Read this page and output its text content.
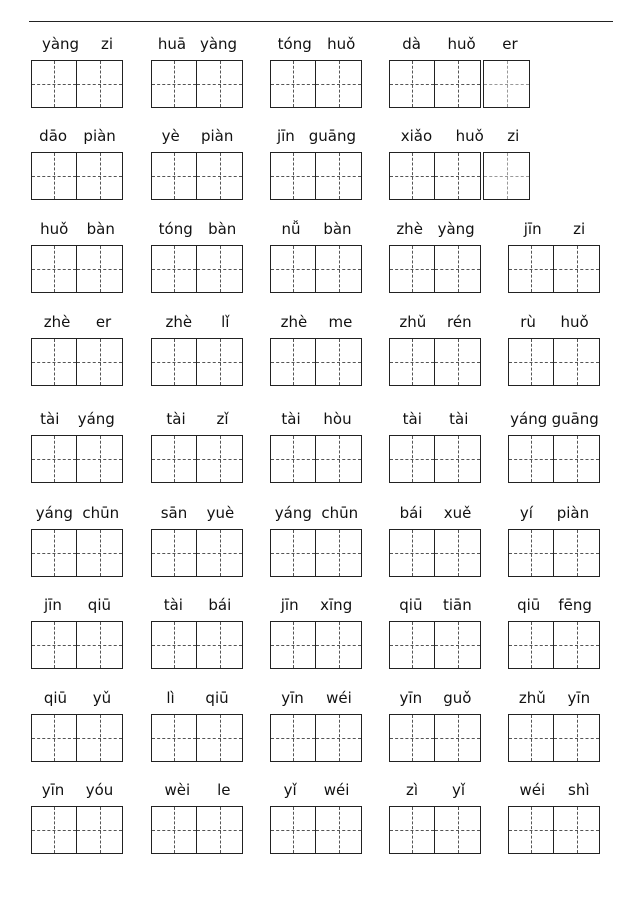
yàng zi	huā yàng	tóng huǒ	dà huǒ er
dāo piàn	yè piàn	jīn guāng	xiǎo huǒ zi
huǒ bàn	tóng bàn	nǚ bàn	zhè yàng	jīn zi
zhè er	zhè lǐ	zhè me	zhǔ rén	rù huǒ
tài yáng	tài zǐ	tài hòu	tài tài	yáng guāng
yáng chūn	sān yuè	yáng chūn	bái xuě	yí piàn
jīn qiū	tài bái	jīn xīng	qiū tiān	qiū fēng
qiū yǔ	lì qiū	yīn wéi	yīn guǒ	zhǔ yīn
yīn yóu	wèi le	yǐ wéi	zì yǐ	wéi shì
